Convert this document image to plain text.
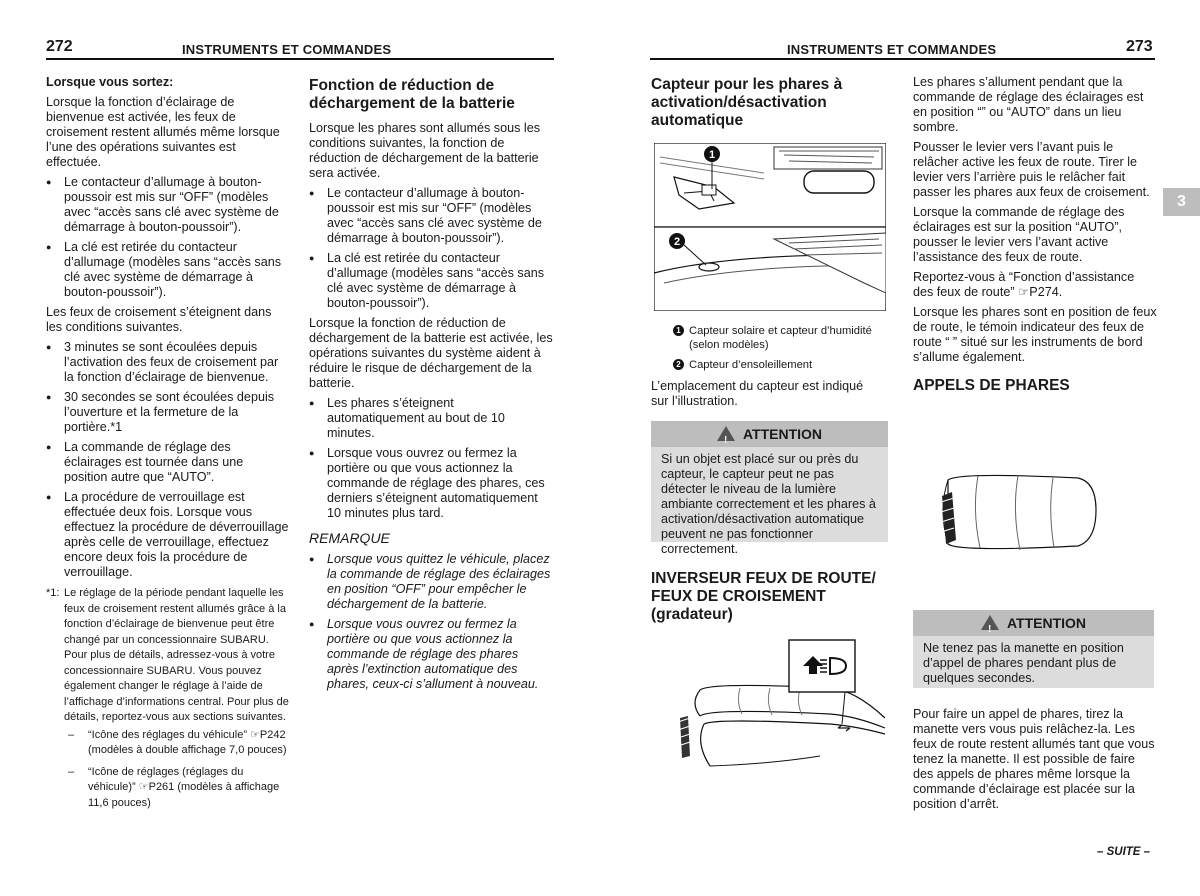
272	INSTRUMENTS ET COMMANDES	INSTRUMENTS ET COMMANDES	273
3
Lorsque vous sortez:

Lorsque la fonction d’éclairage de bienvenue est activée, les feux de croisement restent allumés même lorsque l’une des opérations suivantes est effectuée.

● Le contacteur d’allumage à bouton-poussoir est mis sur “OFF” (modèles avec “accès sans clé avec système de démarrage à bouton-poussoir”).
● La clé est retirée du contacteur d’allumage (modèles sans “accès sans clé avec système de démarrage à bouton-poussoir”).

Les feux de croisement s’éteignent dans les conditions suivantes.

● 3 minutes se sont écoulées depuis l’activation des feux de croisement par la fonction d’éclairage de bienvenue.
● 30 secondes se sont écoulées depuis l’ouverture et la fermeture de la portière.*1
● La commande de réglage des éclairages est tournée dans une position autre que “AUTO”.
● La procédure de verrouillage est effectuée deux fois. Lorsque vous effectuez la procédure de déverrouillage après celle de verrouillage, effectuez encore deux fois la procédure de verrouillage.
*1: Le réglage de la période pendant laquelle les feux de croisement restent allumés grâce à la fonction d’éclairage de bienvenue peut être changé par un concessionnaire SUBARU. Pour plus de détails, adressez-vous à votre concessionnaire SUBARU. Vous pouvez également changer le réglage à l’aide de l’affichage d’informations central. Pour plus de détails, reportez-vous aux sections suivantes.
– “Icône des réglages du véhicule” ☞P242 (modèles à double affichage 7,0 pouces)
– “Icône de réglages (réglages du véhicule)” ☞P261 (modèles à affichage 11,6 pouces)
Fonction de réduction de déchargement de la batterie

Lorsque les phares sont allumés sous les conditions suivantes, la fonction de réduction de déchargement de la batterie sera activée.

● Le contacteur d’allumage à bouton-poussoir est mis sur “OFF” (modèles avec “accès sans clé avec système de démarrage à bouton-poussoir”).
● La clé est retirée du contacteur d’allumage (modèles sans “accès sans clé avec système de démarrage à bouton-poussoir”).

Lorsque la fonction de réduction de déchargement de la batterie est activée, les opérations suivantes du système aident à réduire le risque de déchargement de la batterie.

● Les phares s’éteignent automatiquement au bout de 10 minutes.
● Lorsque vous ouvrez ou fermez la portière ou que vous actionnez la commande de réglage des phares, ces derniers s’éteignent automatiquement 10 minutes plus tard.
REMARQUE
● Lorsque vous quittez le véhicule, placez la commande de réglage des éclairages en position “OFF” pour empêcher le déchargement de la batterie.
● Lorsque vous ouvrez ou fermez la portière ou que vous actionnez la commande de réglage des phares après l’extinction automatique des phares, ceux-ci s’allument à nouveau.
Capteur pour les phares à activation/désactivation automatique
1
2
1 Capteur solaire et capteur d’humidité (selon modèles)
2 Capteur d’ensoleillement
L’emplacement du capteur est indiqué sur l’illustration.
!ATTENTION
Si un objet est placé sur ou près du capteur, le capteur peut ne pas détecter le niveau de la lumière ambiante correctement et les phares à activation/désactivation automatique peuvent ne pas fonctionner correctement.
INVERSEUR FEUX DE ROUTE/ FEUX DE CROISEMENT (gradateur)

Les phares s’allument pendant que la commande de réglage des éclairages est en position “⁠” ou “AUTO” dans un lieu sombre.

Pousser le levier vers l’avant puis le relâcher active les feux de route. Tirer le levier vers l’arrière puis le relâcher fait passer les phares aux feux de croisement.

Lorsque la commande de réglage des éclairages est sur la position “AUTO”, pousser le levier vers l’avant active l’assistance des feux de route.

Reportez-vous à “Fonction d’assistance des feux de route” ☞P274.

Lorsque les phares sont en position de feux de route, le témoin indicateur des feux de route “ ” situé sur les instruments de bord s’allume également.

APPELS DE PHARES
!ATTENTION
Ne tenez pas la manette en position d’appel de phares pendant plus de quelques secondes.
Pour faire un appel de phares, tirez la manette vers vous puis relâchez-la. Les feux de route restent allumés tant que vous tenez la manette. Il est possible de faire des appels de phares même lorsque la commande d’éclairage est placée sur la position d’arrêt.
– SUITE –
